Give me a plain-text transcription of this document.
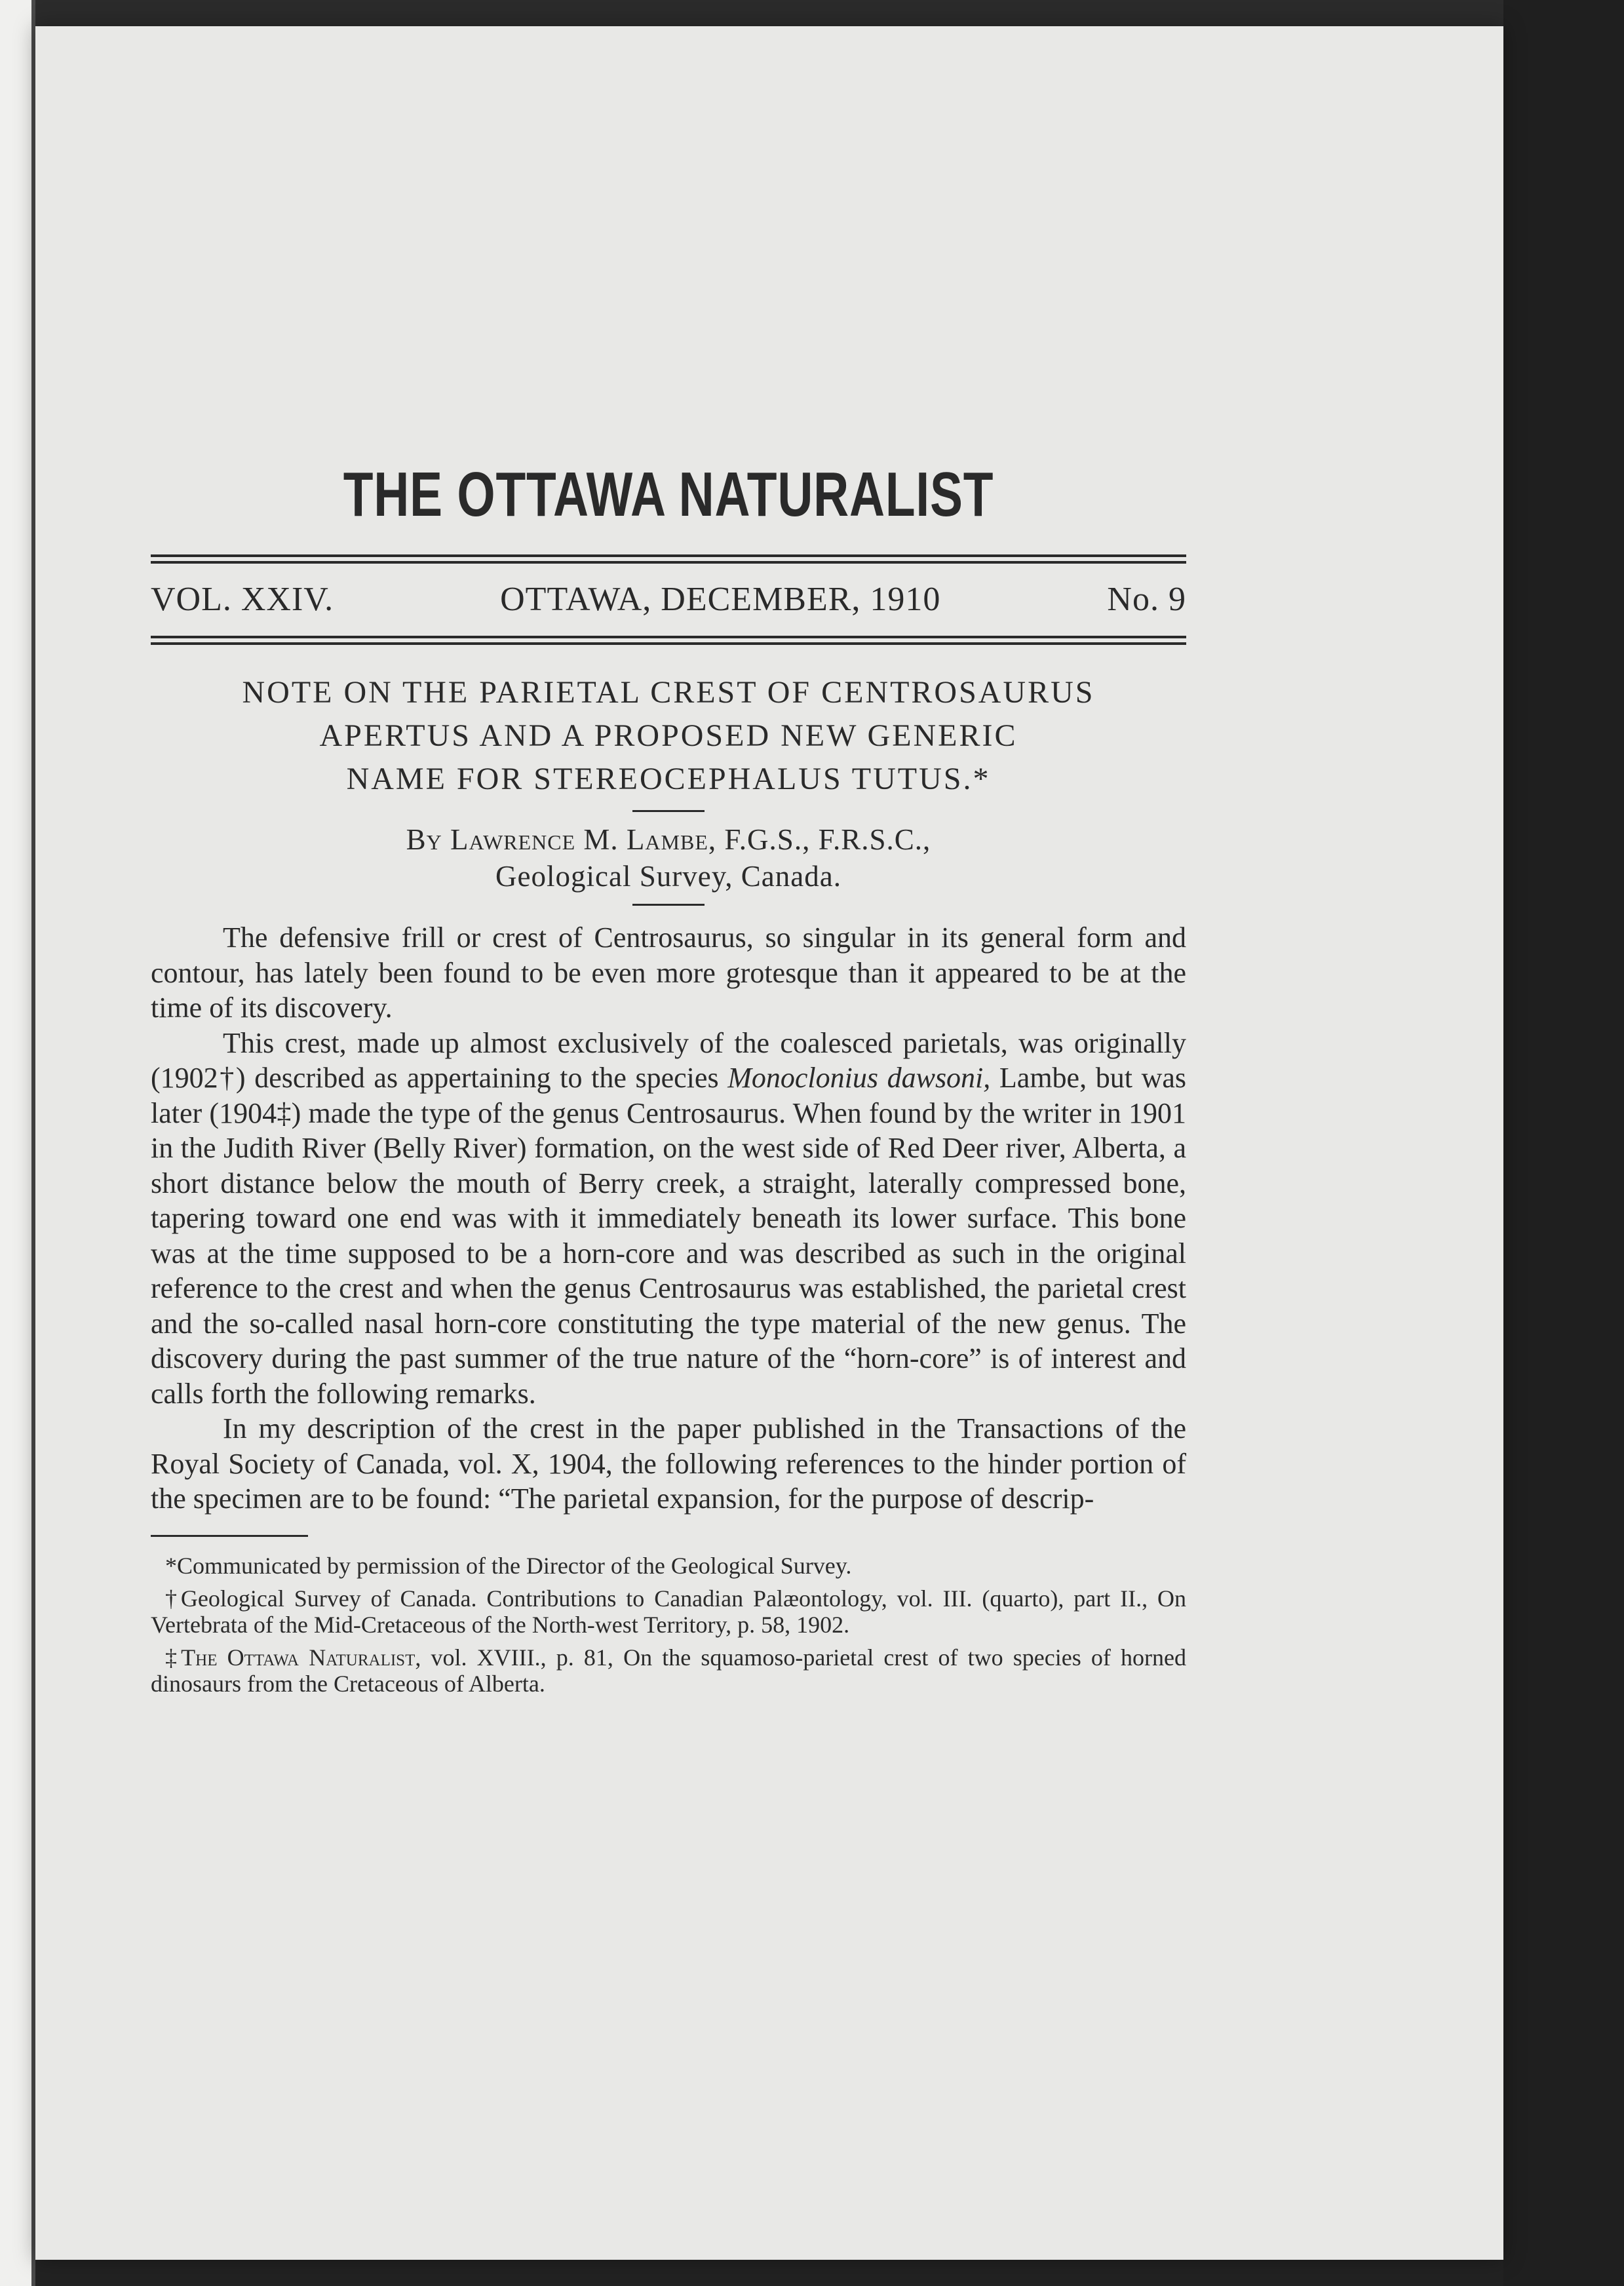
THE OTTAWA NATURALIST
VOL. XXIV.	OTTAWA, DECEMBER, 1910	No. 9
NOTE ON THE PARIETAL CREST OF CENTROSAURUS
APERTUS AND A PROPOSED NEW GENERIC
NAME FOR STEREOCEPHALUS TUTUS.*
By Lawrence M. Lambe, F.G.S., F.R.S.C.,
Geological Survey, Canada.

The defensive frill or crest of Centrosaurus, so singular in its general form and contour, has lately been found to be even more grotesque than it appeared to be at the time of its discovery.

This crest, made up almost exclusively of the coalesced parietals, was originally (1902†) described as appertaining to the species Monoclonius dawsoni, Lambe, but was later (1904‡) made the type of the genus Centrosaurus. When found by the writer in 1901 in the Judith River (Belly River) formation, on the west side of Red Deer river, Alberta, a short distance below the mouth of Berry creek, a straight, laterally compressed bone, tapering toward one end was with it immediately beneath its lower surface. This bone was at the time supposed to be a horn-core and was described as such in the original reference to the crest and when the genus Centrosaurus was established, the parietal crest and the so-called nasal horn-core constituting the type material of the new genus. The discovery during the past summer of the true nature of the “horn-core” is of interest and calls forth the following remarks.

In my description of the crest in the paper published in the Transactions of the Royal Society of Canada, vol. X, 1904, the following references to the hinder portion of the specimen are to be found: “The parietal expansion, for the purpose of descrip-

*Communicated by permission of the Director of the Geological Survey.

†Geological Survey of Canada. Contributions to Canadian Palæontology, vol. III. (quarto), part II., On Vertebrata of the Mid-Cretaceous of the North-west Territory, p. 58, 1902.

‡The Ottawa Naturalist, vol. XVIII., p. 81, On the squamoso-parietal crest of two species of horned dinosaurs from the Cretaceous of Alberta.
